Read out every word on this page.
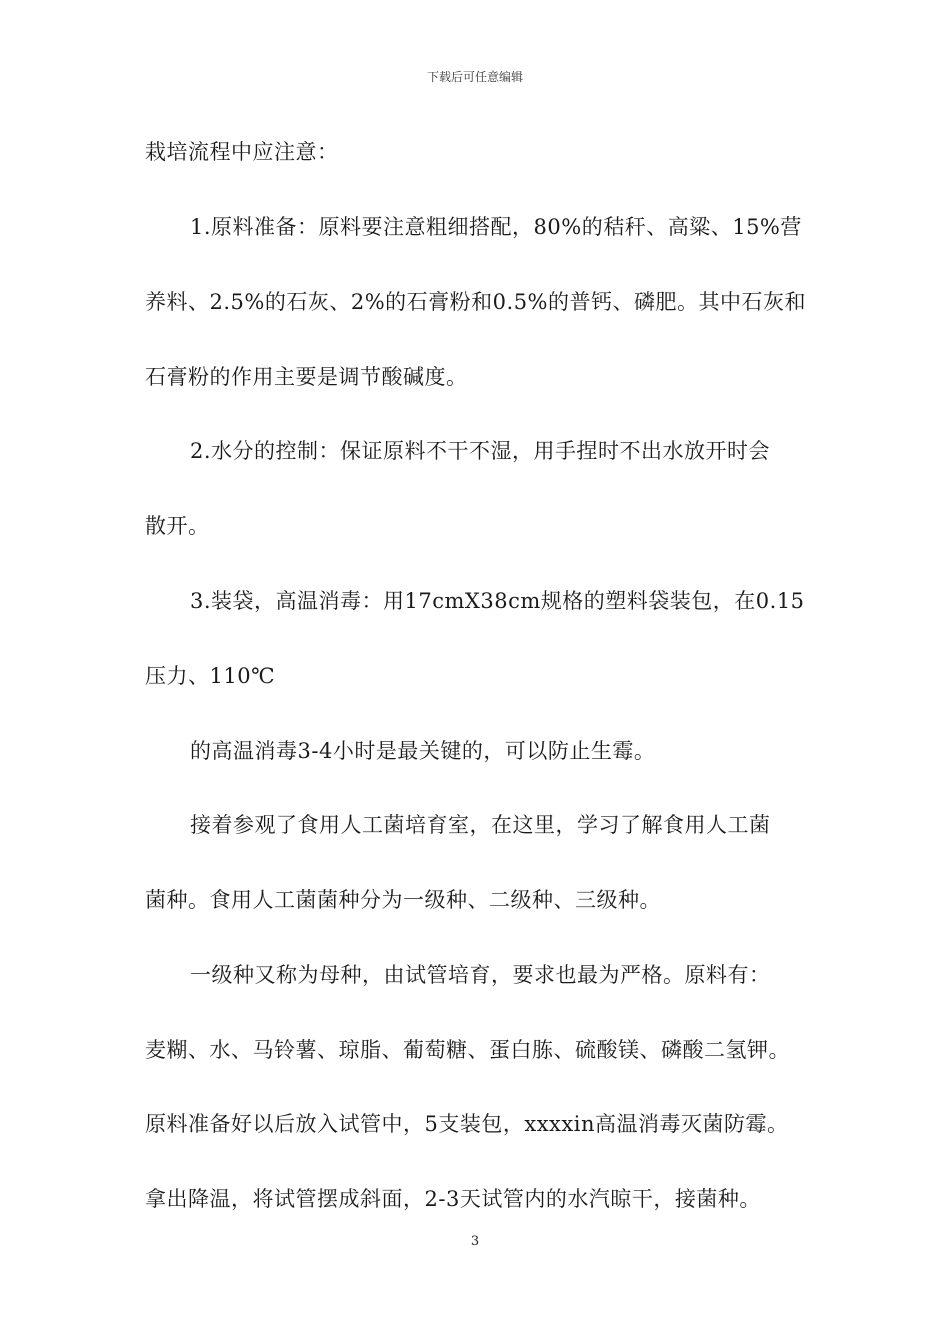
下载后可任意编辑
栽培流程中应注意：
1.原料准备：原料要注意粗细搭配，80%的秸秆、高粱、15%营
养料、2.5%的石灰、2%的石膏粉和0.5%的普钙、磷肥。其中石灰和
石膏粉的作用主要是调节酸碱度。
2.水分的控制：保证原料不干不湿，用手捏时不出水放开时会
散开。
3.装袋，高温消毒：用17cmX38cm规格的塑料袋装包，在0.15
压力、110℃
的高温消毒3-4小时是最关键的，可以防止生霉。
接着参观了食用人工菌培育室，在这里，学习了解食用人工菌
菌种。食用人工菌菌种分为一级种、二级种、三级种。
一级种又称为母种，由试管培育，要求也最为严格。原料有：
麦糊、水、马铃薯、琼脂、葡萄糖、蛋白胨、硫酸镁、磷酸二氢钾。
原料准备好以后放入试管中，5支装包，xxxxin高温消毒灭菌防霉。
拿出降温，将试管摆成斜面，2-3天试管内的水汽晾干，接菌种。
3
